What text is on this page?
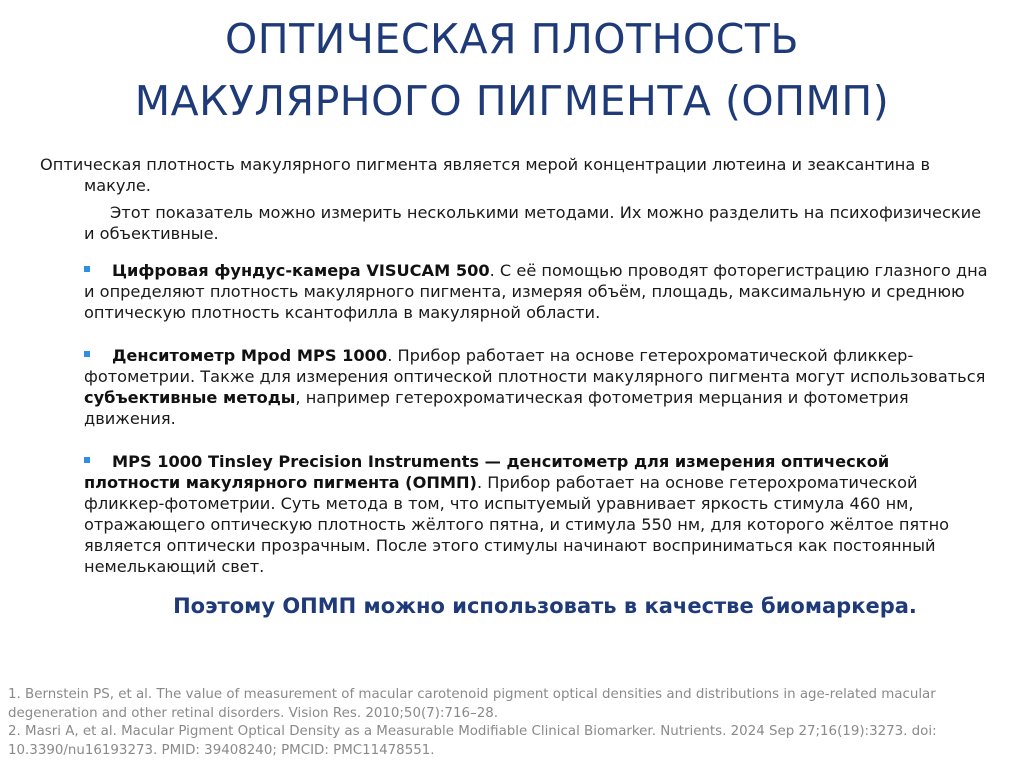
ОПТИЧЕСКАЯ ПЛОТНОСТЬ
МАКУЛЯРНОГО ПИГМЕНТА (ОПМП)

Оптическая плотность макулярного пигмента является мерой концентрации лютеина и зеаксантина в
макуле.

Этот показатель можно измерить несколькими методами. Их можно разделить на психофизические и объективные.

Цифровая фундус-камера VISUCAM 500. С её помощью проводят фоторегистрацию глазного дна и определяют плотность макулярного пигмента, измеряя объём, площадь, максимальную и среднюю оптическую плотность ксантофилла в макулярной области.
Денситометр Mpod MPS 1000. Прибор работает на основе гетерохроматической фликкер-фотометрии. Также для измерения оптической плотности макулярного пигмента могут использоваться субъективные методы, например гетерохроматическая фотометрия мерцания и фотометрия движения.
MPS 1000 Tinsley Precision Instruments — денситометр для измерения оптической плотности макулярного пигмента (ОПМП). Прибор работает на основе гетерохроматической фликкер-фотометрии. Суть метода в том, что испытуемый уравнивает яркость стимула 460 нм, отражающего оптическую плотность жёлтого пятна, и стимула 550 нм, для которого жёлтое пятно является оптически прозрачным. После этого стимулы начинают восприниматься как постоянный немелькающий свет.
Поэтому ОПМП можно использовать в качестве биомаркера.
1. Bernstein PS, et al. The value of measurement of macular carotenoid pigment optical densities and distributions in age-related macular
degeneration and other retinal disorders. Vision Res. 2010;50(7):716–28.
2. Masri A, et al. Macular Pigment Optical Density as a Measurable Modifiable Clinical Biomarker. Nutrients. 2024 Sep 27;16(19):3273. doi:
10.3390/nu16193273. PMID: 39408240; PMCID: PMC11478551.
